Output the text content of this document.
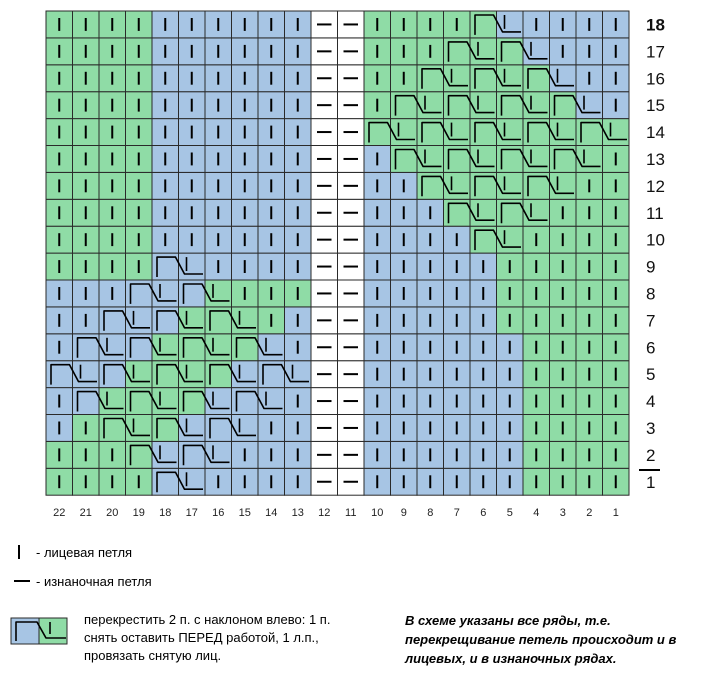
1
2
3
4
5
6
7
8
9
10
11
12
13
14
15
16
17
18
22 21 20 19 18 17 16 15 14 13 12 11 10 9 8 7 6 5 4 3 2 1
- лицевая петля
- изнаночная петля
перекрестить 2 п. с наклоном влево: 1 п.
снять оставить ПЕРЕД работой, 1 л.п.,
провязать снятую лиц.
В схеме указаны все ряды, т.е.
перекрещивание петель происходит и в
лицевых, и в изнаночных рядах.
